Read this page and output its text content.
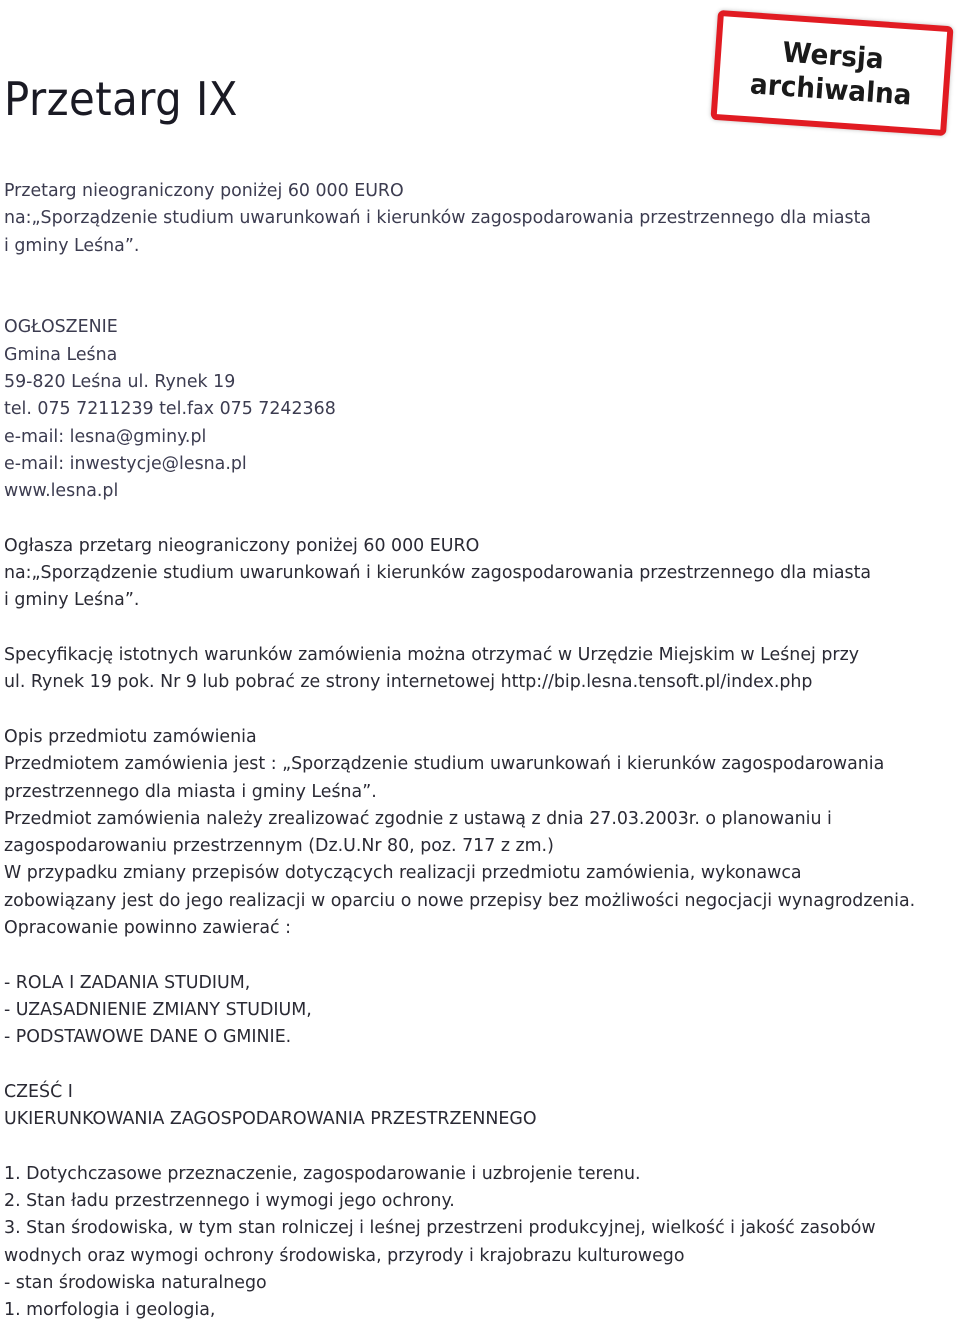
Przetarg IX
Wersja
archiwalna

Przetarg nieograniczony poniżej 60 000 EURO

na:„Sporządzenie studium uwarunkowań i kierunków zagospodarowania przestrzennego dla miasta

i gminy Leśna”.

OGŁOSZENIE

Gmina Leśna

59-820 Leśna ul. Rynek 19

tel. 075 7211239 tel.fax 075 7242368

e-mail: lesna@gminy.pl

e-mail: inwestycje@lesna.pl

www.lesna.pl

Ogłasza przetarg nieograniczony poniżej 60 000 EURO

na:„Sporządzenie studium uwarunkowań i kierunków zagospodarowania przestrzennego dla miasta

i gminy Leśna”.

Specyfikację istotnych warunków zamówienia można otrzymać w Urzędzie Miejskim w Leśnej przy

ul. Rynek 19 pok. Nr 9 lub pobrać ze strony internetowej http://bip.lesna.tensoft.pl/index.php

Opis przedmiotu zamówienia

Przedmiotem zamówienia jest : „Sporządzenie studium uwarunkowań i kierunków zagospodarowania

przestrzennego dla miasta i gminy Leśna”.

Przedmiot zamówienia należy zrealizować zgodnie z ustawą z dnia 27.03.2003r. o planowaniu i

zagospodarowaniu przestrzennym (Dz.U.Nr 80, poz. 717 z zm.)

W przypadku zmiany przepisów dotyczących realizacji przedmiotu zamówienia, wykonawca

zobowiązany jest do jego realizacji w oparciu o nowe przepisy bez możliwości negocjacji wynagrodzenia.

Opracowanie powinno zawierać :

- ROLA I ZADANIA STUDIUM,

- UZASADNIENIE ZMIANY STUDIUM,

- PODSTAWOWE DANE O GMINIE.

CZEŚĆ I

UKIERUNKOWANIA ZAGOSPODAROWANIA PRZESTRZENNEGO

1. Dotychczasowe przeznaczenie, zagospodarowanie i uzbrojenie terenu.

2. Stan ładu przestrzennego i wymogi jego ochrony.

3. Stan środowiska, w tym stan rolniczej i leśnej przestrzeni produkcyjnej, wielkość i jakość zasobów

wodnych oraz wymogi ochrony środowiska, przyrody i krajobrazu kulturowego

- stan środowiska naturalnego

1. morfologia i geologia,
